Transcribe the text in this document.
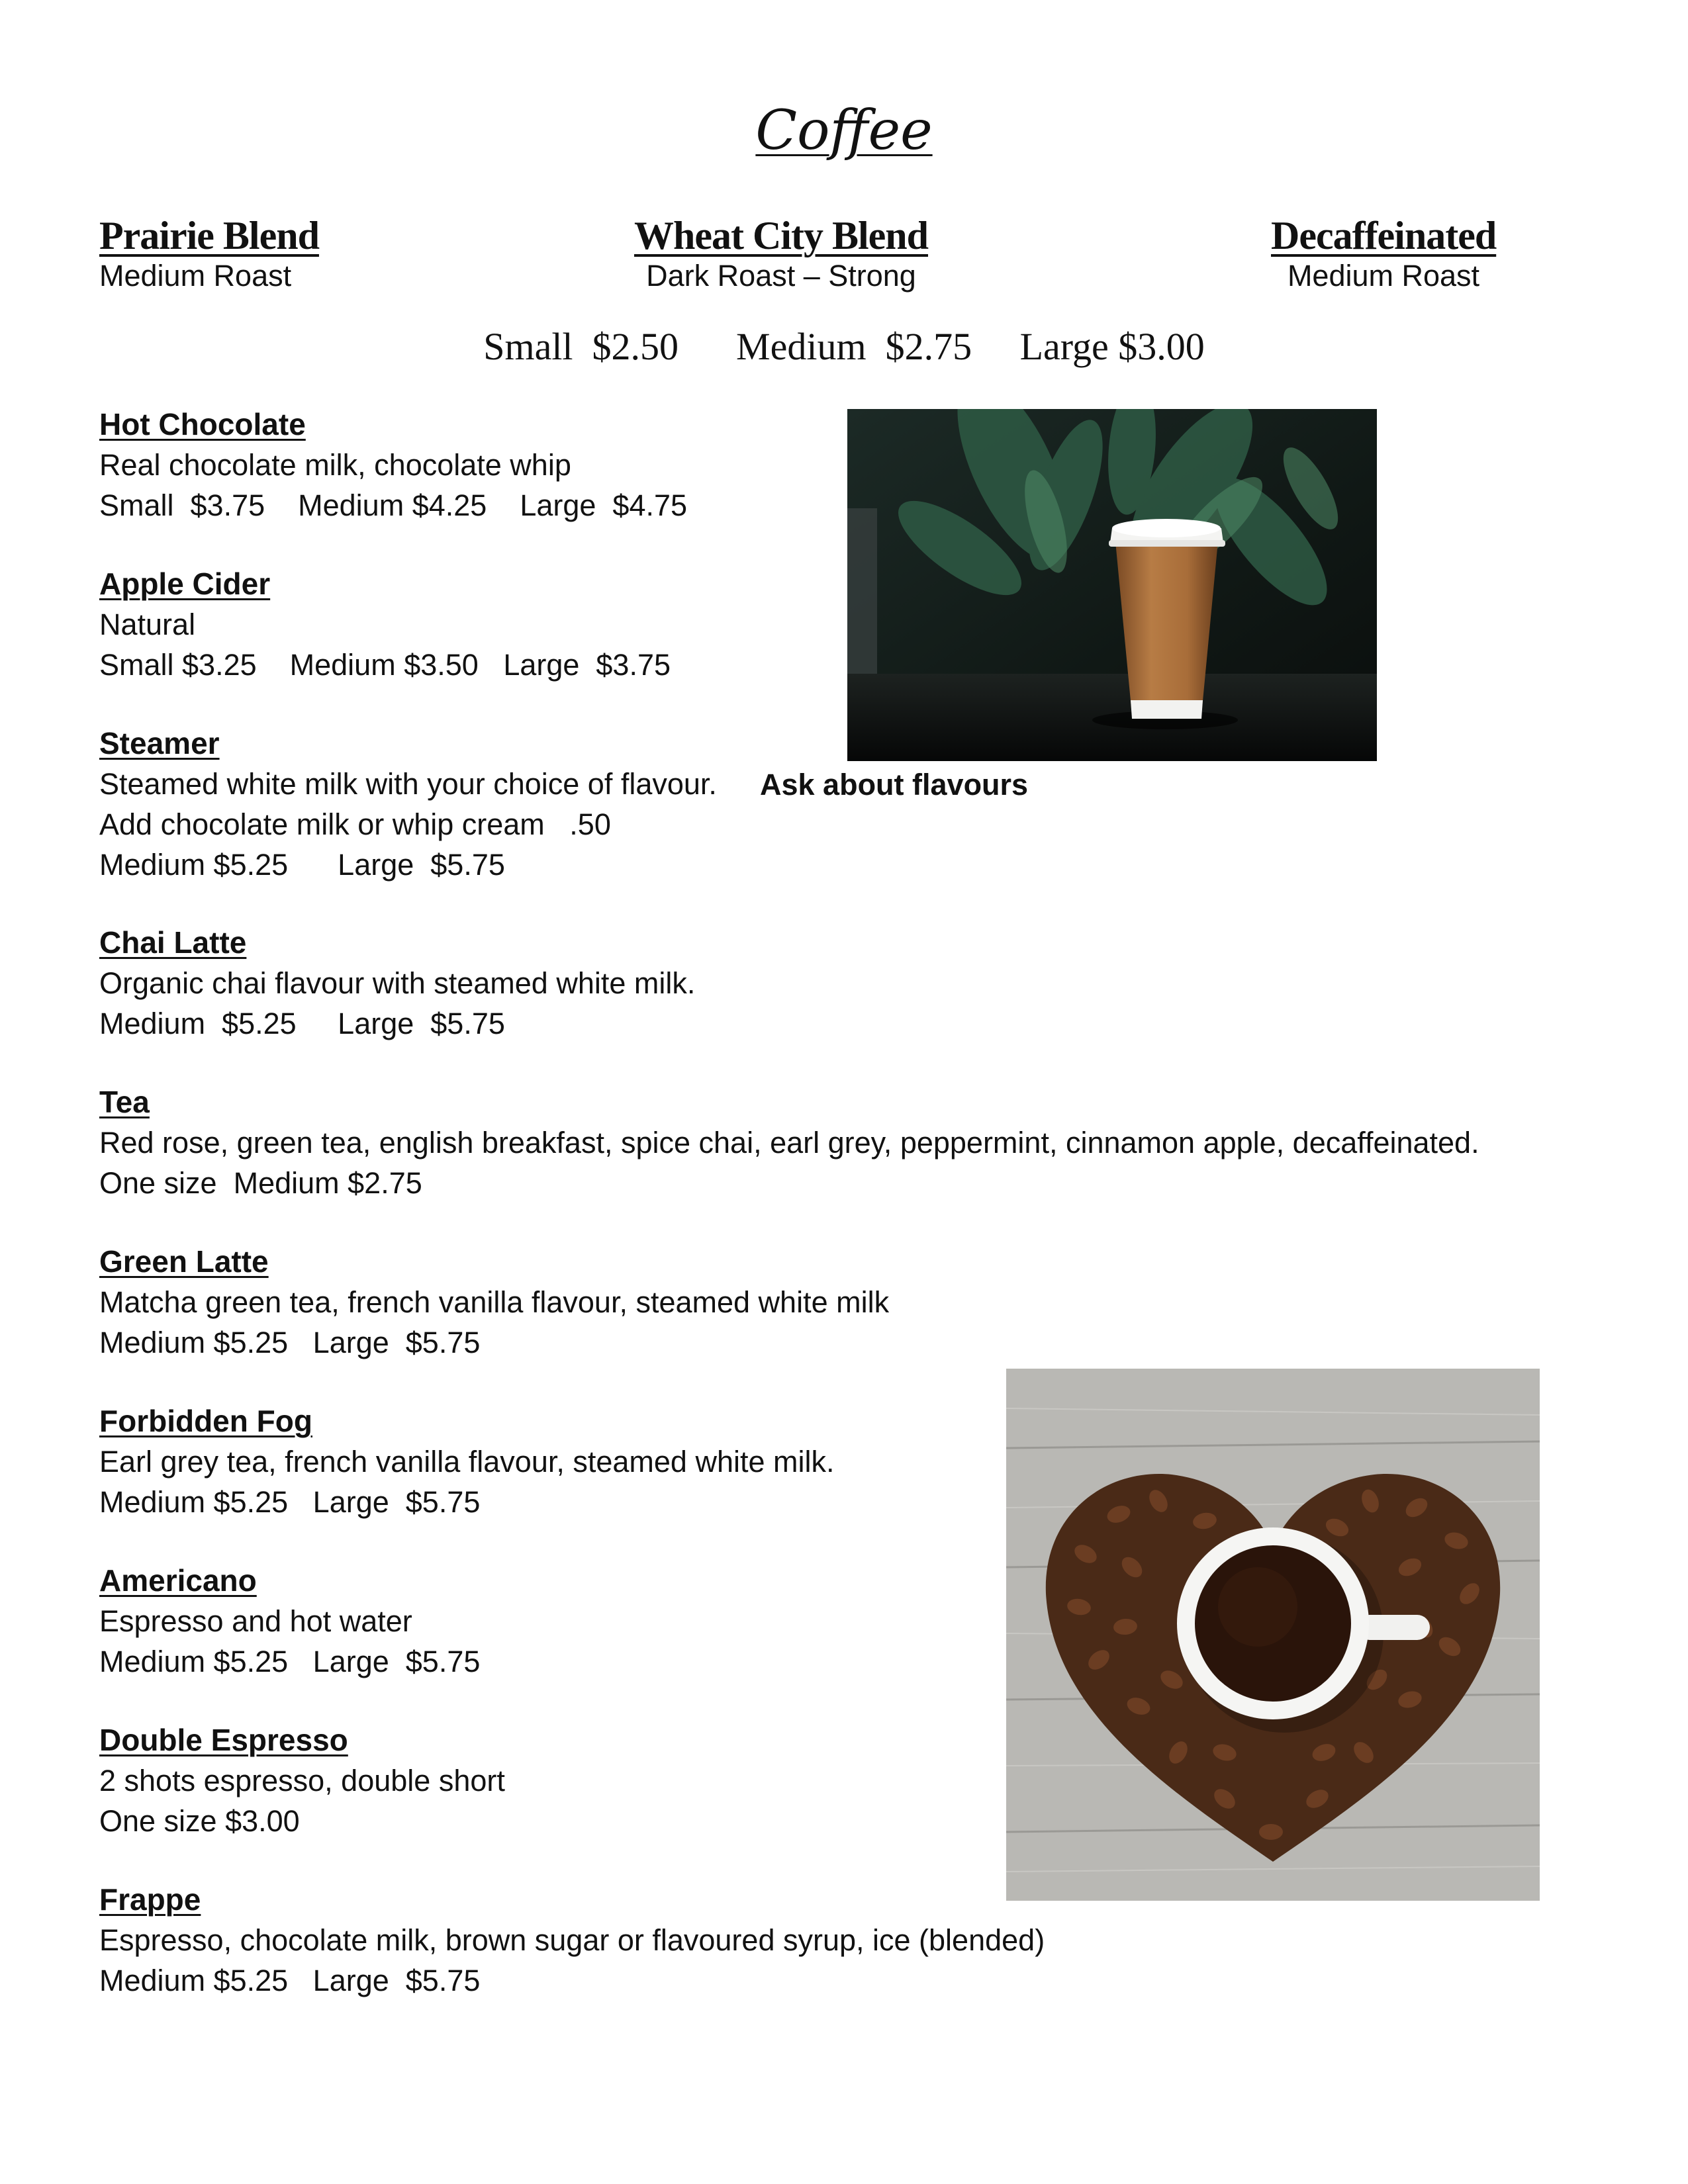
Coffee
Prairie Blend
Medium Roast
Wheat City Blend
Dark Roast – Strong
Decaffeinated
Medium Roast
Small  $2.50      Medium  $2.75     Large $3.00
Hot Chocolate
Real chocolate milk, chocolate whip
Small  $3.75    Medium $4.25    Large  $4.75
Apple Cider
Natural
Small $3.25    Medium $3.50   Large  $3.75
Steamer
Steamed white milk with your choice of flavour.
Add chocolate milk or whip cream   .50
Medium $5.25      Large  $5.75
Ask about flavours
Chai Latte
Organic chai flavour with steamed white milk.
Medium  $5.25     Large  $5.75
Tea
Red rose, green tea, english breakfast, spice chai, earl grey, peppermint, cinnamon apple, decaffeinated.
One size  Medium $2.75
Green Latte
Matcha green tea, french vanilla flavour, steamed white milk
Medium $5.25   Large  $5.75
Forbidden Fog
Earl grey tea, french vanilla flavour, steamed white milk.
Medium $5.25   Large  $5.75
Americano
Espresso and hot water
Medium $5.25   Large  $5.75
Double Espresso
2 shots espresso, double short
One size $3.00
Frappe
Espresso, chocolate milk, brown sugar or flavoured syrup, ice (blended)
Medium $5.25   Large  $5.75
